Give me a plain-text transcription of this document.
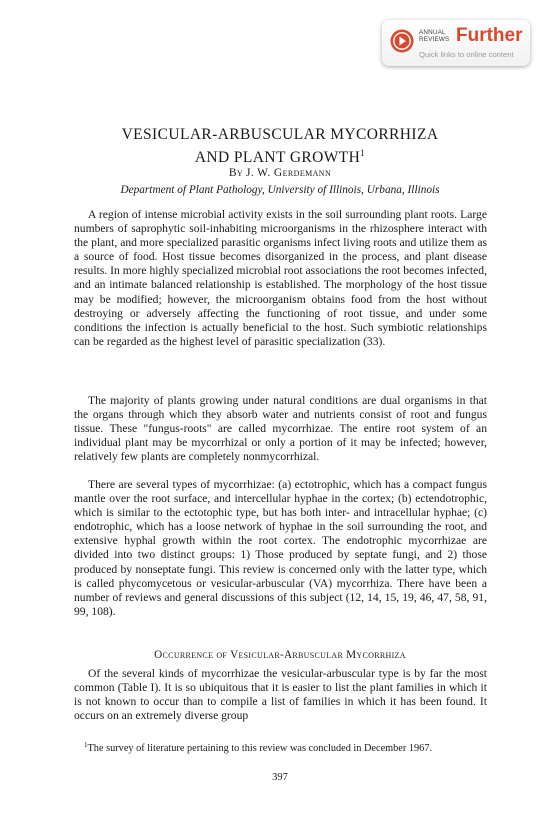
ANNUAL
REVIEWS Further
Quick links to online content
VESICULAR-ARBUSCULAR MYCORRHIZA
AND PLANT GROWTH$^1$
By J. W. Gerdemann
Department of Plant Pathology, University of Illinois, Urbana, Illinois

A region of intense microbial activity exists in the soil surrounding plant roots. Large numbers of saprophytic soil-inhabiting microorganisms in the rhizosphere interact with the plant, and more specialized parasitic organisms infect living roots and utilize them as a source of food. Host tissue becomes disorganized in the process, and plant disease results. In more highly specialized microbial root associations the root becomes infected, and an intimate balanced relationship is established. The morphology of the host tissue may be modified; however, the microorganism obtains food from the host without destroying or adversely affecting the functioning of root tissue, and under some conditions the infection is actually beneficial to the host. Such symbiotic relationships can be regarded as the highest level of parasitic specialization (33).

The majority of plants growing under natural conditions are dual organisms in that the organs through which they absorb water and nutrients consist of root and fungus tissue. These "fungus-roots" are called mycorrhizae. The entire root system of an individual plant may be mycorrhizal or only a portion of it may be infected; however, relatively few plants are completely nonmycorrhizal.

There are several types of mycorrhizae: (a) ectotrophic, which has a compact fungus mantle over the root surface, and intercellular hyphae in the cortex; (b) ectendotrophic, which is similar to the ectotophic type, but has both inter- and intracellular hyphae; (c) endotrophic, which has a loose network of hyphae in the soil surrounding the root, and extensive hyphal growth within the root cortex. The endotrophic mycorrhizae are divided into two distinct groups: 1) Those produced by septate fungi, and 2) those produced by nonseptate fungi. This review is concerned only with the latter type, which is called phycomycetous or vesicular-arbuscular (VA) mycorrhiza. There have been a number of reviews and general discussions of this subject (12, 14, 15, 19, 46, 47, 58, 91, 99, 108).

Occurrence of Vesicular-Arbuscular Mycorrhiza

Of the several kinds of mycorrhizae the vesicular-arbuscular type is by far the most common (Table I). It is so ubiquitous that it is easier to list the plant families in which it is not known to occur than to compile a list of families in which it has been found. It occurs on an extremely diverse group

$^1$The survey of literature pertaining to this review was concluded in December 1967.

397
